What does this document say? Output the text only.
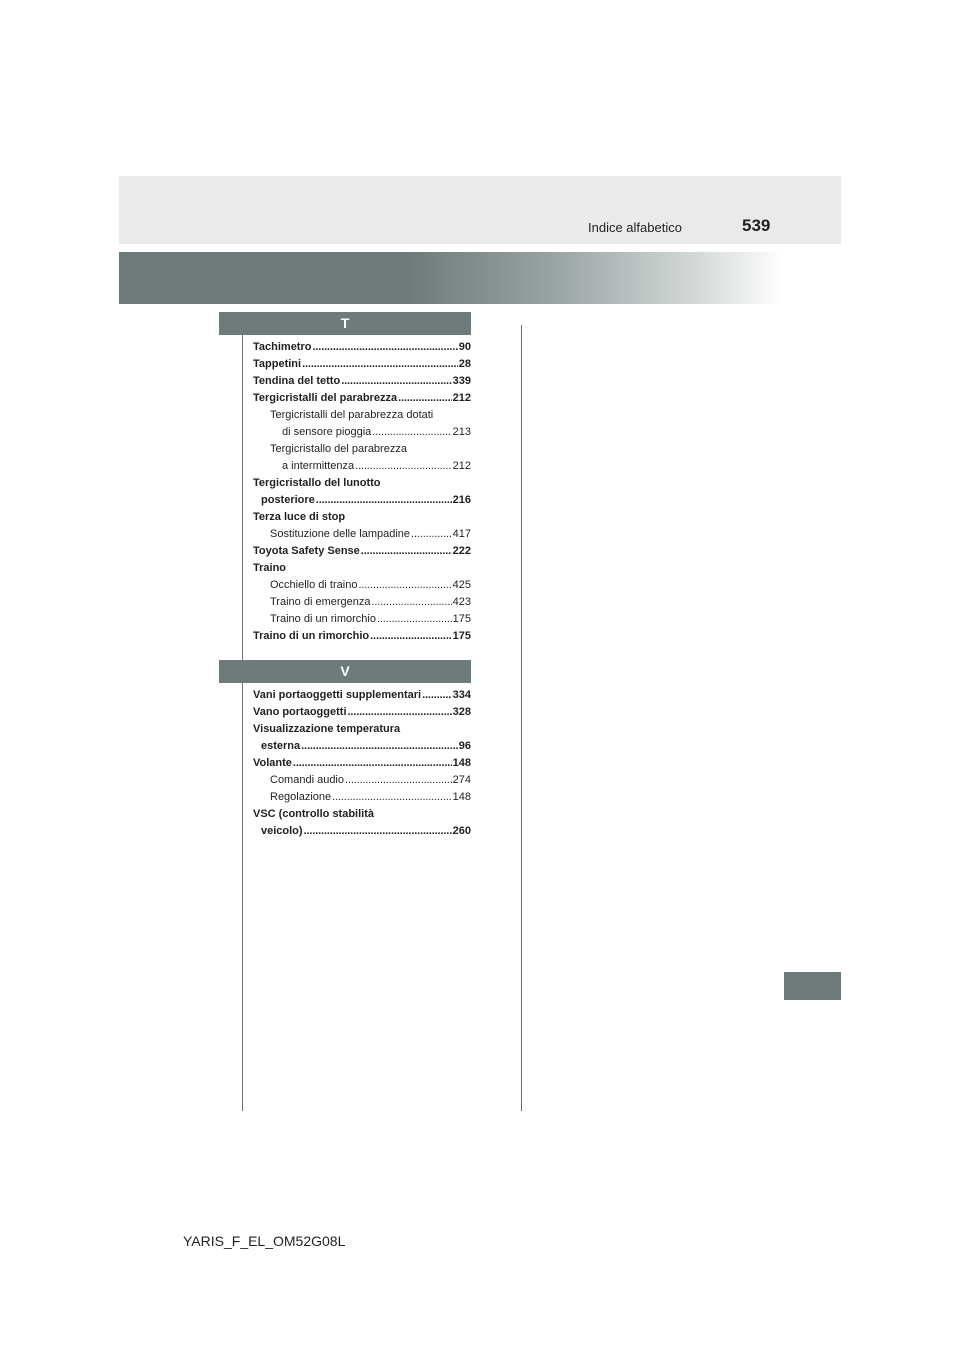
Indice alfabetico	539
T
Tachimetro . . .	90
Tappetini . . .	28
Tendina del tetto . . .	339
Tergicristalli del parabrezza . . .	212
Tergicristalli del parabrezza dotati
di sensore pioggia . . .	213
Tergicristallo del parabrezza
a intermittenza . . .	212
Tergicristallo del lunotto
posteriore . . .	216
Terza luce di stop
Sostituzione delle lampadine . . .	417
Toyota Safety Sense . . .	222
Traino
Occhiello di traino . . .	425
Traino di emergenza . . .	423
Traino di un rimorchio . . .	175
Traino di un rimorchio . . .	175
V
Vani portaoggetti supplementari . . .	334
Vano portaoggetti . . .	328
Visualizzazione temperatura
esterna . . .	96
Volante . . .	148
Comandi audio . . .	274
Regolazione . . .	148
VSC (controllo stabilità
veicolo) . . .	260
YARIS_F_EL_OM52G08L
